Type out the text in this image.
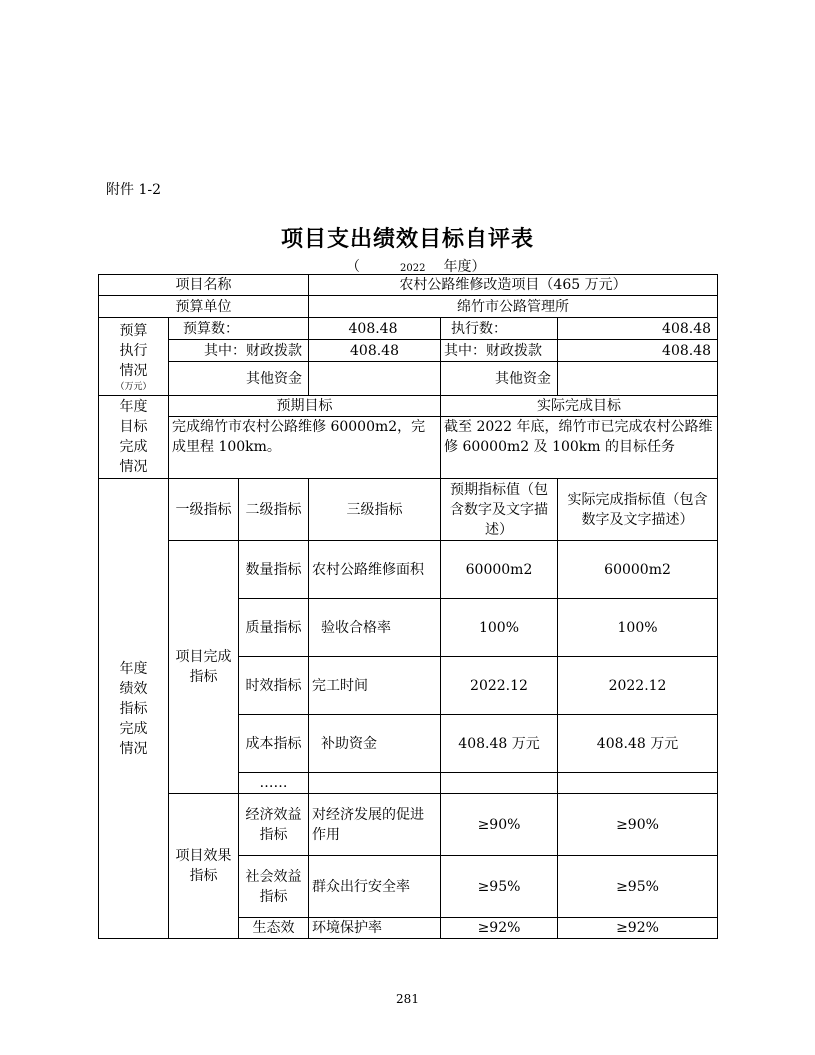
附件 1-2
项目支出绩效目标自评表
（	2022 年度）
项目名称			农村公路维修改造项目（465 万元）		
预算单位			绵竹市公路管理所		

预算
执行
情况
（万元）	预算数：		408.48	执行数：	408.48
	其中：财政拨款		408.48	其中：财政拨款	408.48
	其他资金			其他资金	

年度
目标
完成
情况	预期目标			实际完成目标	
	完成绵竹市农村公路维修 60000m2，完成里程 100km。			截至 2022 年底，绵竹市已完成农村公路维修 60000m2 及 100km 的目标任务	

年度
绩效
指标
完成
情况	一级指标	二级指标	三级指标	预期指标值（包含数字及文字描述）	实际完成指标值（包含数字及文字描述）
	项目完成指标	数量指标	农村公路维修面积	60000m2	60000m2
		质量指标	验收合格率	100%	100%
		时效指标	完工时间	2022.12	2022.12
		成本指标	补助资金	408.48 万元	408.48 万元
		……			
	项目效果指标	经济效益指标	对经济发展的促进作用	≥90%	≥90%
		社会效益指标	群众出行安全率	≥95%	≥95%
		生态效	环境保护率	≥92%	≥92%
281
